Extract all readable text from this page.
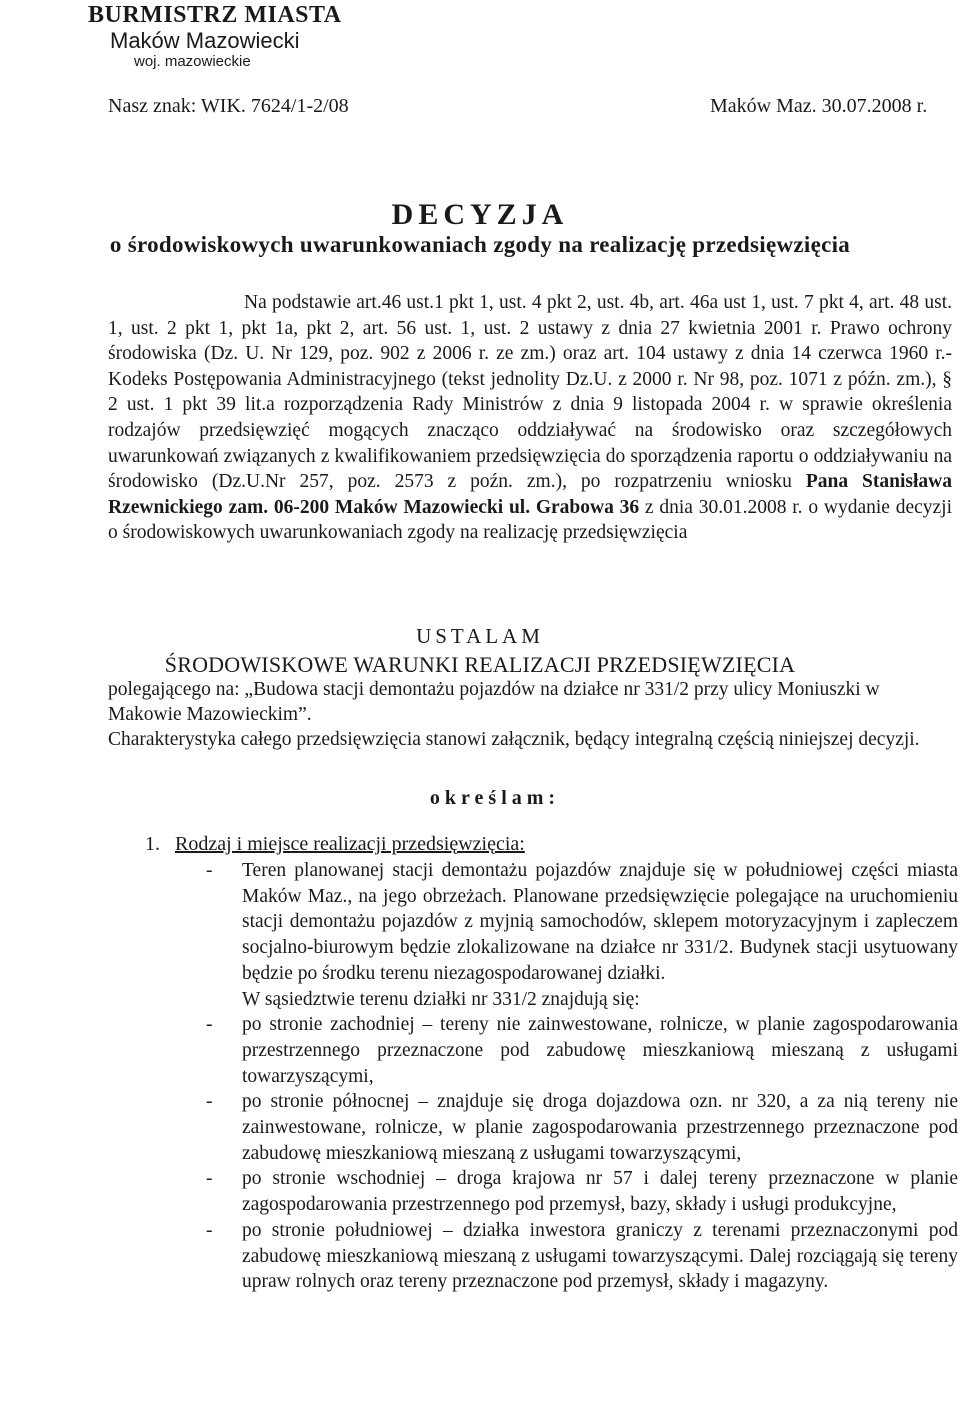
BURMISTRZ MIASTA
Maków Mazowiecki
woj. mazowieckie
Nasz znak: WIK. 7624/1-2/08	Maków Maz. 30.07.2008 r.
DECYZJA
o środowiskowych uwarunkowaniach zgody na realizację przedsięwzięcia
Na podstawie art.46 ust.1 pkt 1, ust. 4 pkt 2, ust. 4b, art. 46a ust 1, ust. 7 pkt 4, art. 48 ust. 1, ust. 2 pkt 1, pkt 1a, pkt 2, art. 56 ust. 1, ust. 2 ustawy z dnia 27 kwietnia 2001 r. Prawo ochrony środowiska (Dz. U. Nr 129, poz. 902 z 2006 r. ze zm.) oraz art. 104 ustawy z dnia 14 czerwca 1960 r.- Kodeks Postępowania Administracyjnego (tekst jednolity Dz.U. z 2000 r. Nr 98, poz. 1071 z późn. zm.), § 2 ust. 1 pkt 39 lit.a rozporządzenia Rady Ministrów z dnia 9 listopada 2004 r. w sprawie określenia rodzajów przedsięwzięć mogących znacząco oddziaływać na środowisko oraz szczegółowych uwarunkowań związanych z kwalifikowaniem przedsięwzięcia do sporządzenia raportu o oddziaływaniu na środowisko (Dz.U.Nr 257, poz. 2573 z poźn. zm.), po rozpatrzeniu wniosku Pana Stanisława Rzewnickiego zam. 06-200 Maków Mazowiecki ul. Grabowa 36 z dnia 30.01.2008 r. o wydanie decyzji o środowiskowych uwarunkowaniach zgody na realizację przedsięwzięcia
USTALAM
ŚRODOWISKOWE WARUNKI REALIZACJI PRZEDSIĘWZIĘCIA

polegającego na: „Budowa stacji demontażu pojazdów na działce nr 331/2 przy ulicy Moniuszki w Makowie Mazowieckim”.

Charakterystyka całego przedsięwzięcia stanowi załącznik, będący integralną częścią niniejszej decyzji.

określam:
1. Rodzaj i miejsce realizacji przedsięwzięcia:
- Teren planowanej stacji demontażu pojazdów znajduje się w południowej części miasta Maków Maz., na jego obrzeżach. Planowane przedsięwzięcie polegające na uruchomieniu stacji demontażu pojazdów z myjnią samochodów, sklepem motoryzacyjnym i zapleczem socjalno-biurowym będzie zlokalizowane na działce nr 331/2. Budynek stacji usytuowany będzie po środku terenu niezagospodarowanej działki.

W sąsiedztwie terenu działki nr 331/2 znajdują się:
- po stronie zachodniej – tereny nie zainwestowane, rolnicze, w planie zagospodarowania przestrzennego przeznaczone pod zabudowę mieszkaniową mieszaną z usługami towarzyszącymi,

- po stronie północnej – znajduje się droga dojazdowa ozn. nr 320, a za nią tereny nie zainwestowane, rolnicze, w planie zagospodarowania przestrzennego przeznaczone pod zabudowę mieszkaniową mieszaną z usługami towarzyszącymi,

- po stronie wschodniej – droga krajowa nr 57 i dalej tereny przeznaczone w planie zagospodarowania przestrzennego pod przemysł, bazy, składy i usługi produkcyjne,

- po stronie południowej – działka inwestora graniczy z terenami przeznaczonymi pod zabudowę mieszkaniową mieszaną z usługami towarzyszącymi. Dalej rozciągają się tereny upraw rolnych oraz tereny przeznaczone pod przemysł, składy i magazyny.
